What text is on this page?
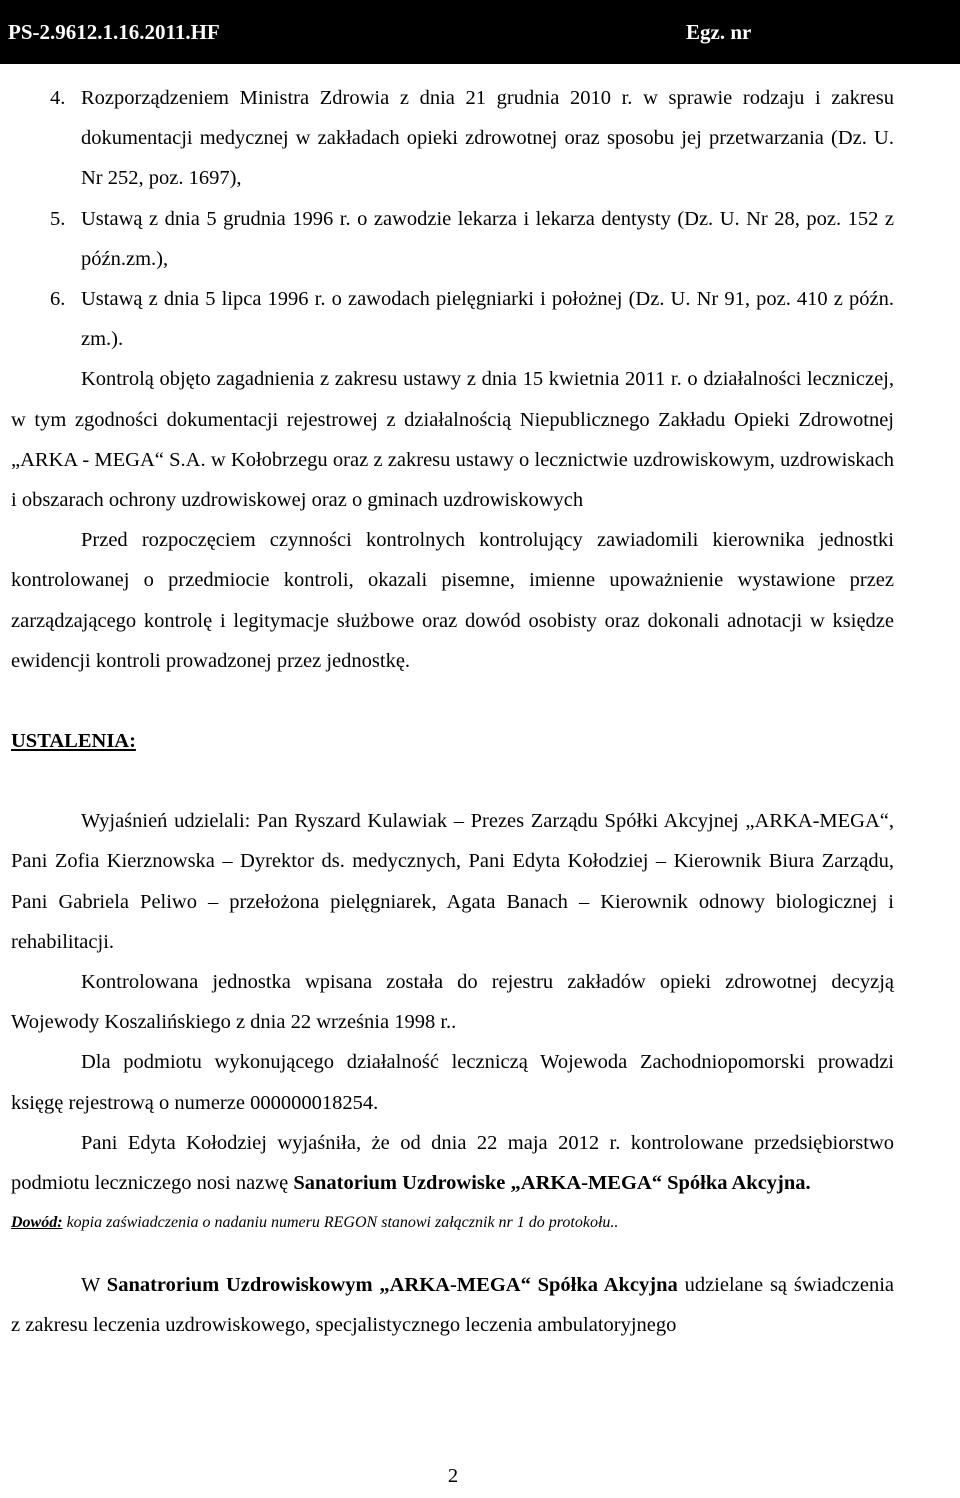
PS-2.9612.1.16.2011.HF	Egz. nr
4. Rozporządzeniem Ministra Zdrowia z dnia 21 grudnia 2010 r. w sprawie rodzaju i zakresu dokumentacji medycznej w zakładach opieki zdrowotnej oraz sposobu jej przetwarzania (Dz. U. Nr 252, poz. 1697),
5. Ustawą z dnia 5 grudnia 1996 r. o zawodzie lekarza i lekarza dentysty (Dz. U. Nr 28, poz. 152 z późn.zm.),
6. Ustawą z dnia 5 lipca 1996 r. o zawodach pielęgniarki i położnej (Dz. U. Nr 91, poz. 410 z późn. zm.).

Kontrolą objęto zagadnienia z zakresu ustawy z dnia 15 kwietnia 2011 r. o działalności leczniczej, w tym zgodności dokumentacji rejestrowej z działalnością Niepublicznego Zakładu Opieki Zdrowotnej „ARKA - MEGA“ S.A. w Kołobrzegu oraz z zakresu ustawy o lecznictwie uzdrowiskowym, uzdrowiskach i obszarach ochrony uzdrowiskowej oraz o gminach uzdrowiskowych

Przed rozpoczęciem czynności kontrolnych kontrolujący zawiadomili kierownika jednostki kontrolowanej o przedmiocie kontroli, okazali pisemne, imienne upoważnienie wystawione przez zarządzającego kontrolę i legitymacje służbowe oraz dowód osobisty oraz dokonali adnotacji w księdze ewidencji kontroli prowadzonej przez jednostkę.

USTALENIA:

Wyjaśnień udzielali: Pan Ryszard Kulawiak – Prezes Zarządu Spółki Akcyjnej „ARKA-MEGA“, Pani Zofia Kierznowska – Dyrektor ds. medycznych, Pani Edyta Kołodziej – Kierownik Biura Zarządu, Pani Gabriela Peliwo – przełożona pielęgniarek, Agata Banach – Kierownik odnowy biologicznej i rehabilitacji.

Kontrolowana jednostka wpisana została do rejestru zakładów opieki zdrowotnej decyzją Wojewody Koszalińskiego z dnia 22 września 1998 r..

Dla podmiotu wykonującego działalność leczniczą Wojewoda Zachodniopomorski prowadzi księgę rejestrową o numerze 000000018254.

Pani Edyta Kołodziej wyjaśniła, że od dnia 22 maja 2012 r. kontrolowane przedsiębiorstwo podmiotu leczniczego nosi nazwę Sanatorium Uzdrowiske „ARKA-MEGA“ Spółka Akcyjna.

Dowód: kopia zaświadczenia o nadaniu numeru REGON stanowi załącznik nr 1 do protokołu..

W Sanatrorium Uzdrowiskowym „ARKA-MEGA“ Spółka Akcyjna udzielane są świadczenia z zakresu leczenia uzdrowiskowego, specjalistycznego leczenia ambulatoryjnego

2
